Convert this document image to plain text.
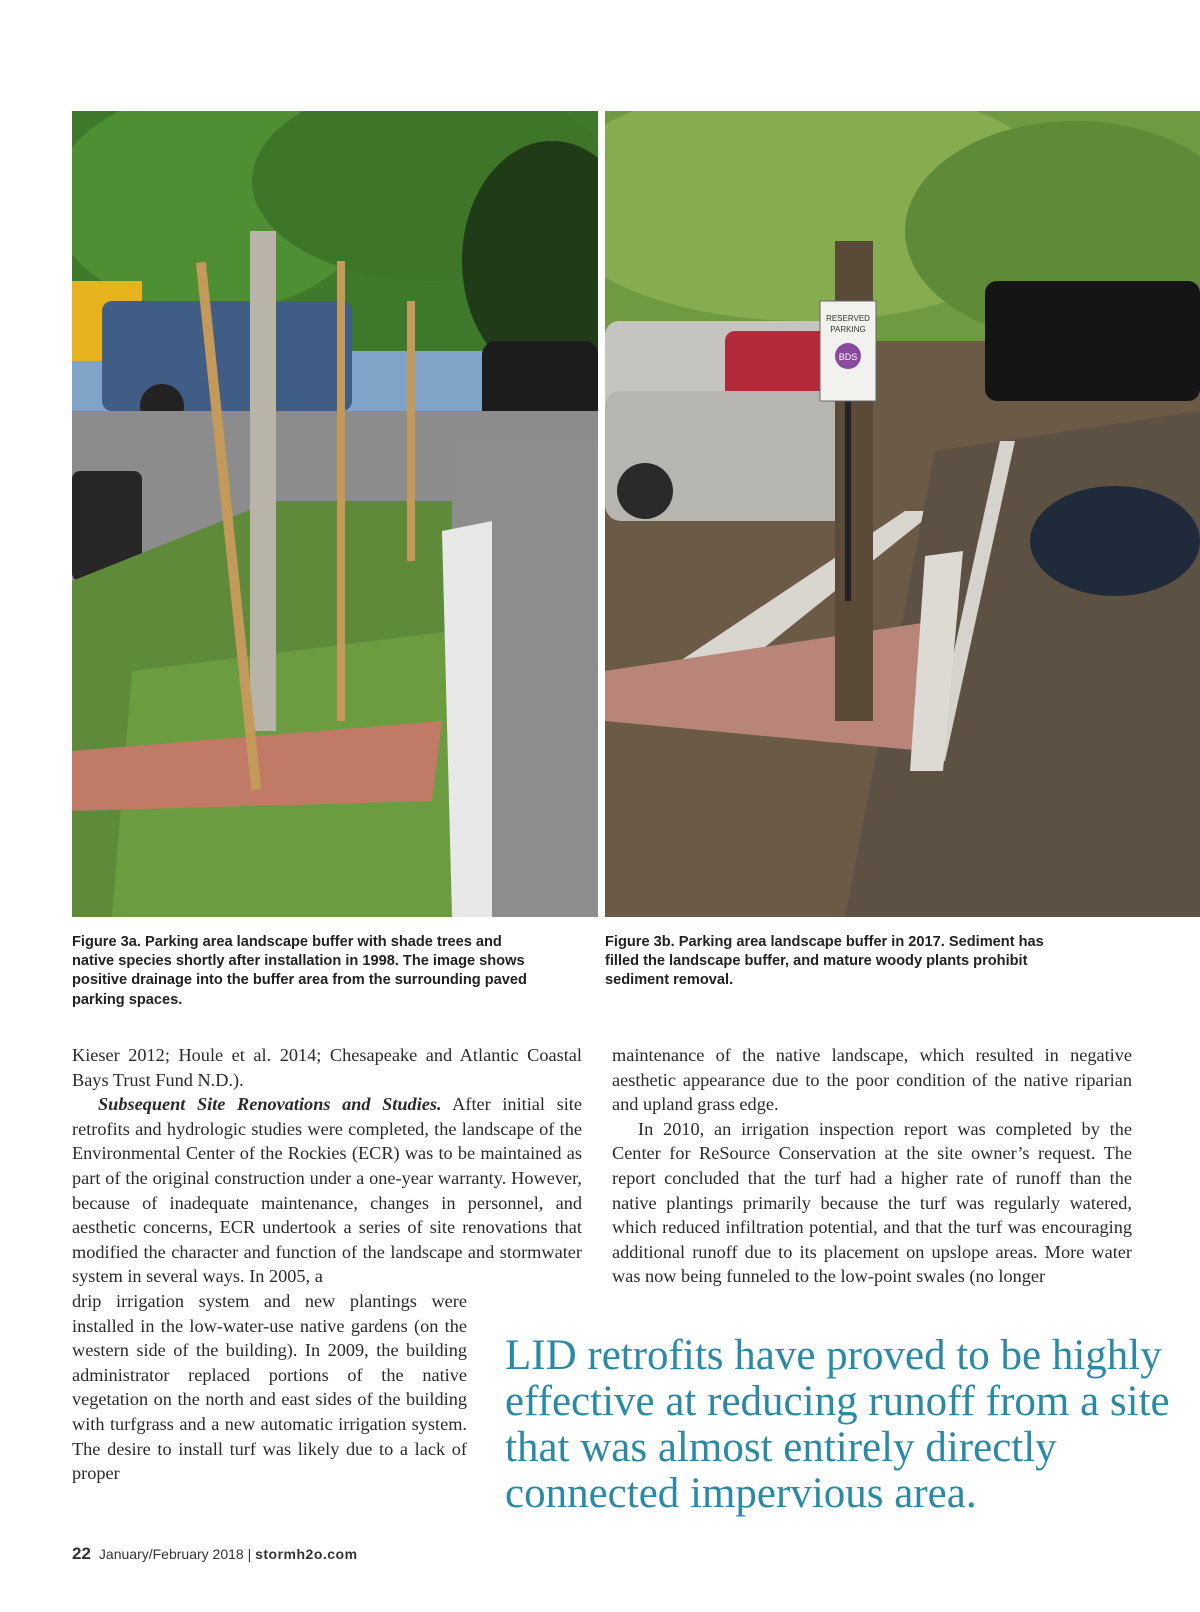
RESERVED
PARKING
BDS
Figure 3a. Parking area landscape buffer with shade trees and native species shortly after installation in 1998. The image shows positive drainage into the buffer area from the surrounding paved parking spaces.
Figure 3b. Parking area landscape buffer in 2017. Sediment has filled the landscape buffer, and mature woody plants prohibit sediment removal.

Kieser 2012; Houle et al. 2014; Chesapeake and Atlantic Coastal Bays Trust Fund N.D.).

Subsequent Site Renovations and Studies. After initial site retrofits and hydrologic studies were completed, the landscape of the Environmental Center of the Rockies (ECR) was to be maintained as part of the original construction under a one-year warranty. However, because of inadequate maintenance, changes in personnel, and aesthetic concerns, ECR undertook a series of site renovations that modified the character and function of the landscape and stormwater system in several ways. In 2005, a

drip irrigation system and new plantings were installed in the low-water-use native gardens (on the western side of the building). In 2009, the building administrator replaced portions of the native vegetation on the north and east sides of the building with turfgrass and a new automatic irrigation system. The desire to install turf was likely due to a lack of proper

maintenance of the native landscape, which resulted in negative aesthetic appearance due to the poor condition of the native riparian and upland grass edge.

In 2010, an irrigation inspection report was completed by the Center for ReSource Conservation at the site owner’s request. The report concluded that the turf had a higher rate of runoff than the native plantings primarily because the turf was regularly watered, which reduced infiltration potential, and that the turf was encouraging additional runoff due to its placement on upslope areas. More water was now being funneled to the low-point swales (no longer

LID retrofits have proved to be highly effective at reducing runoff from a site that was almost entirely directly connected impervious area.
22 January/February 2018 | stormh2o.com
